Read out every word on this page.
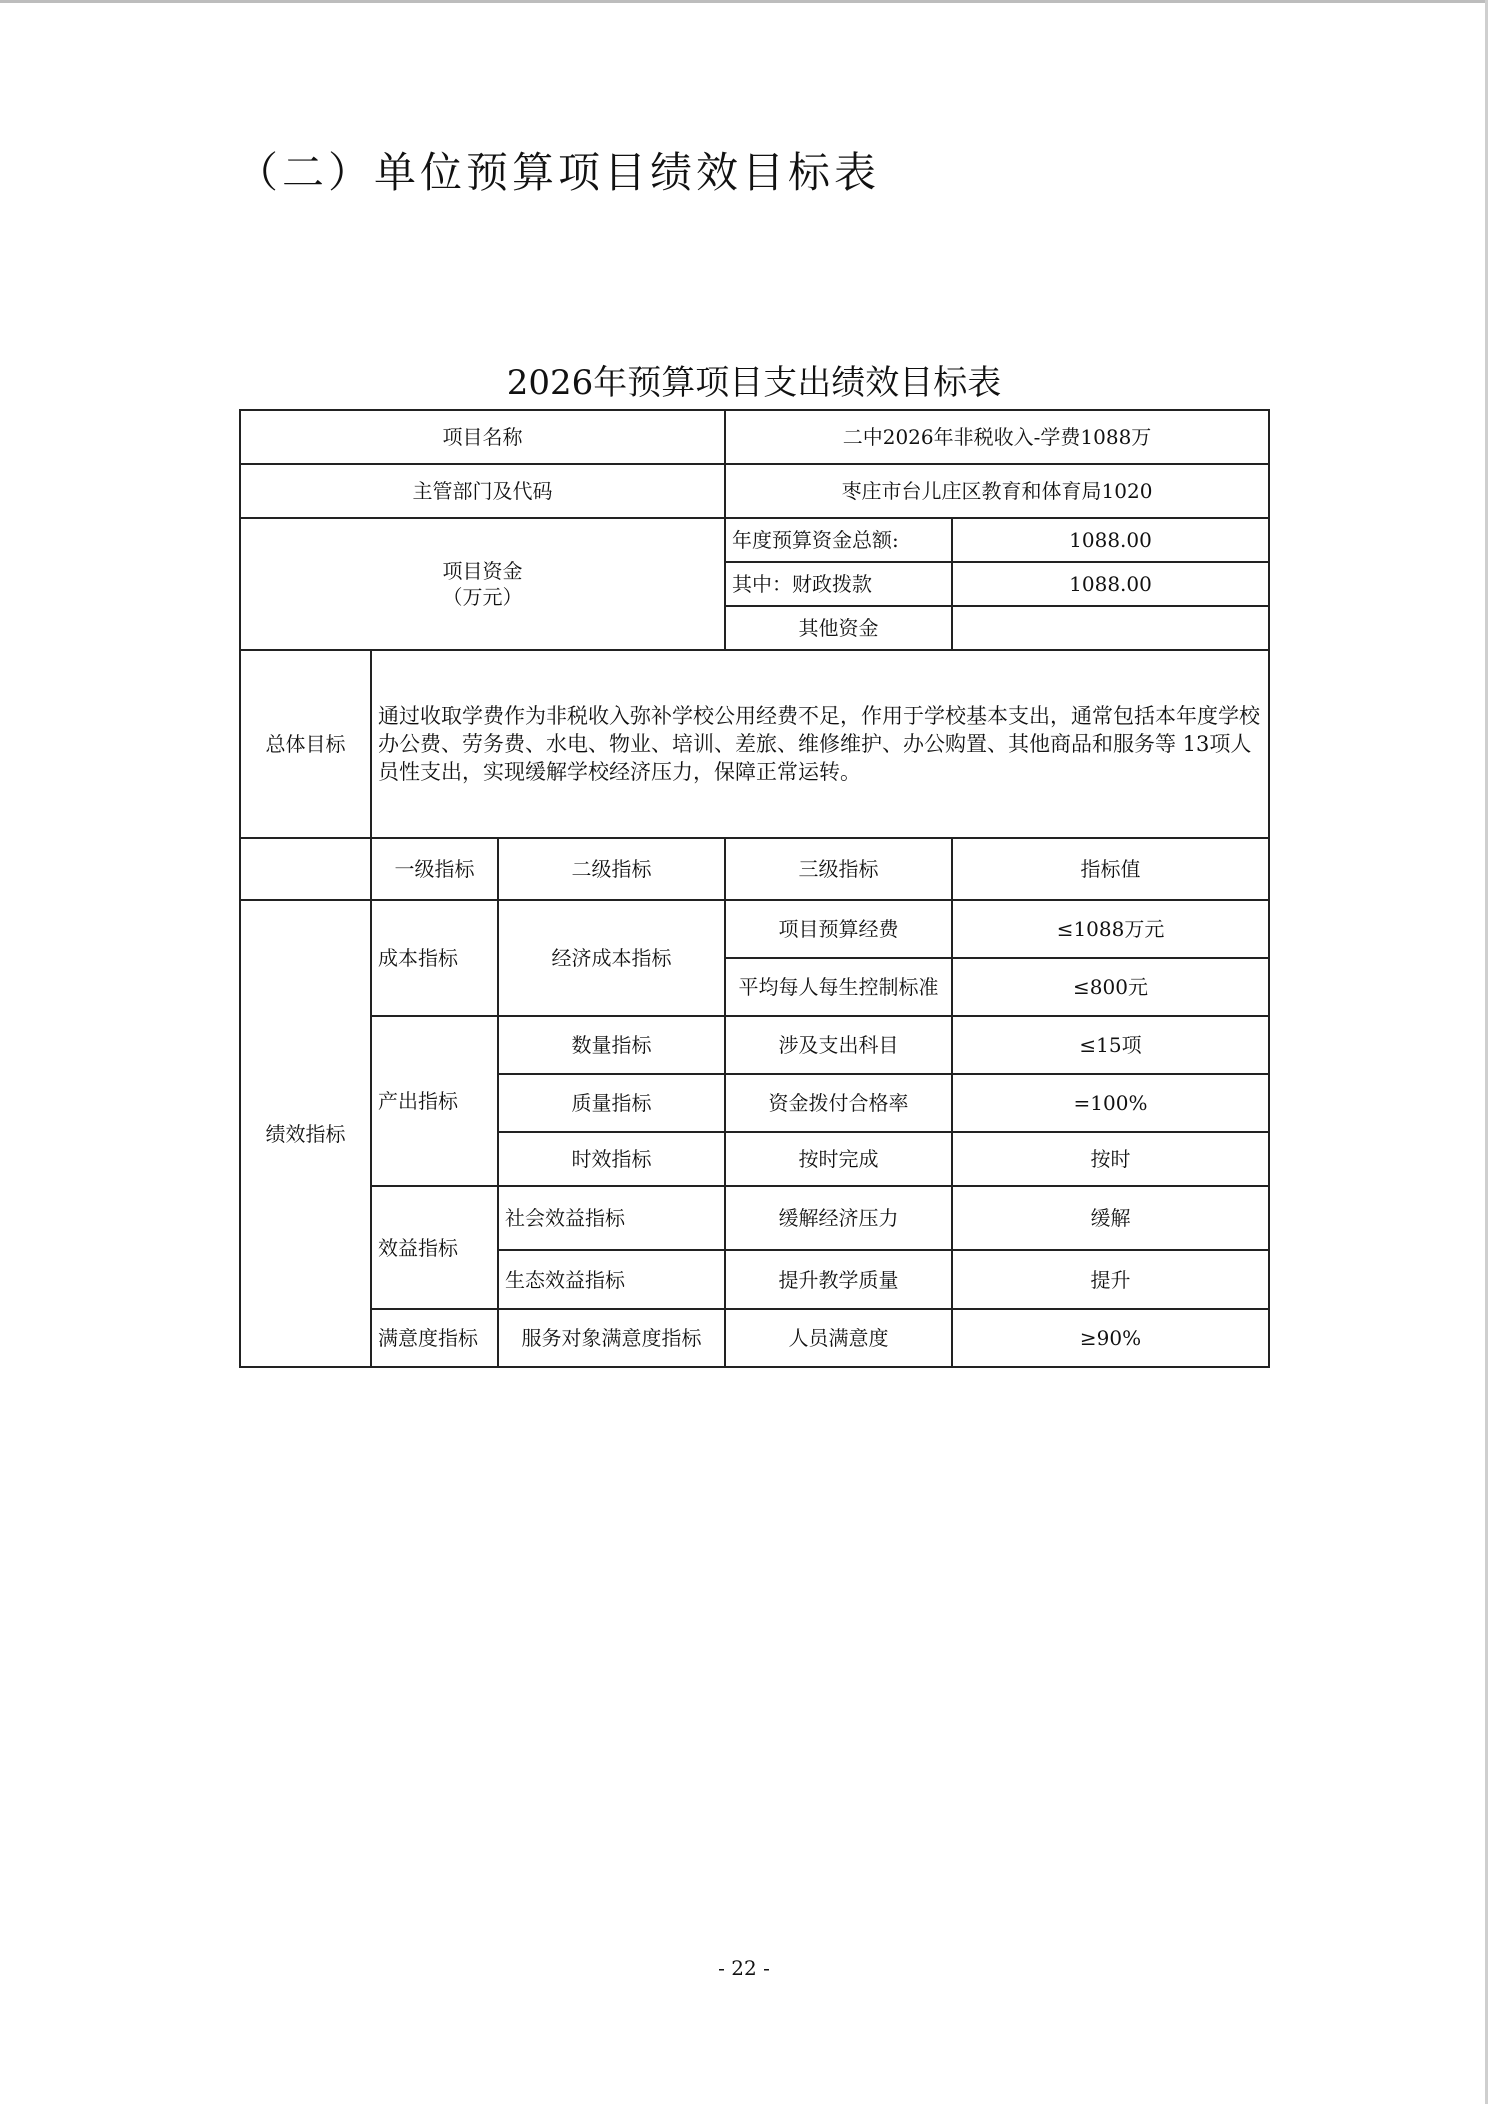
（二）单位预算项目绩效目标表
2026年预算项目支出绩效目标表
项目名称			二中2026年非税收入-学费1088万	
主管部门及代码			枣庄市台儿庄区教育和体育局1020	

项目资金
（万元）			年度预算资金总额:	1088.00
			其中：财政拨款	1088.00
			其他资金	
总体目标	通过收取学费作为非税收入弥补学校公用经费不足，作用于学校基本支出，通常包括本年度学校办公费、劳务费、水电、物业、培训、差旅、维修维护、办公购置、其他商品和服务等 13项人员性支出，实现缓解学校经济压力，保障正常运转。			
	一级指标	二级指标	三级指标	指标值
绩效指标	成本指标	经济成本指标	项目预算经费	≤1088万元
			平均每人每生控制标准	≤800元
	产出指标	数量指标	涉及支出科目	≤15项
		质量指标	资金拨付合格率	=100%
		时效指标	按时完成	按时
	效益指标	社会效益指标	缓解经济压力	缓解
		生态效益指标	提升教学质量	提升
	满意度指标	服务对象满意度指标	人员满意度	≥90%
- 22 -
